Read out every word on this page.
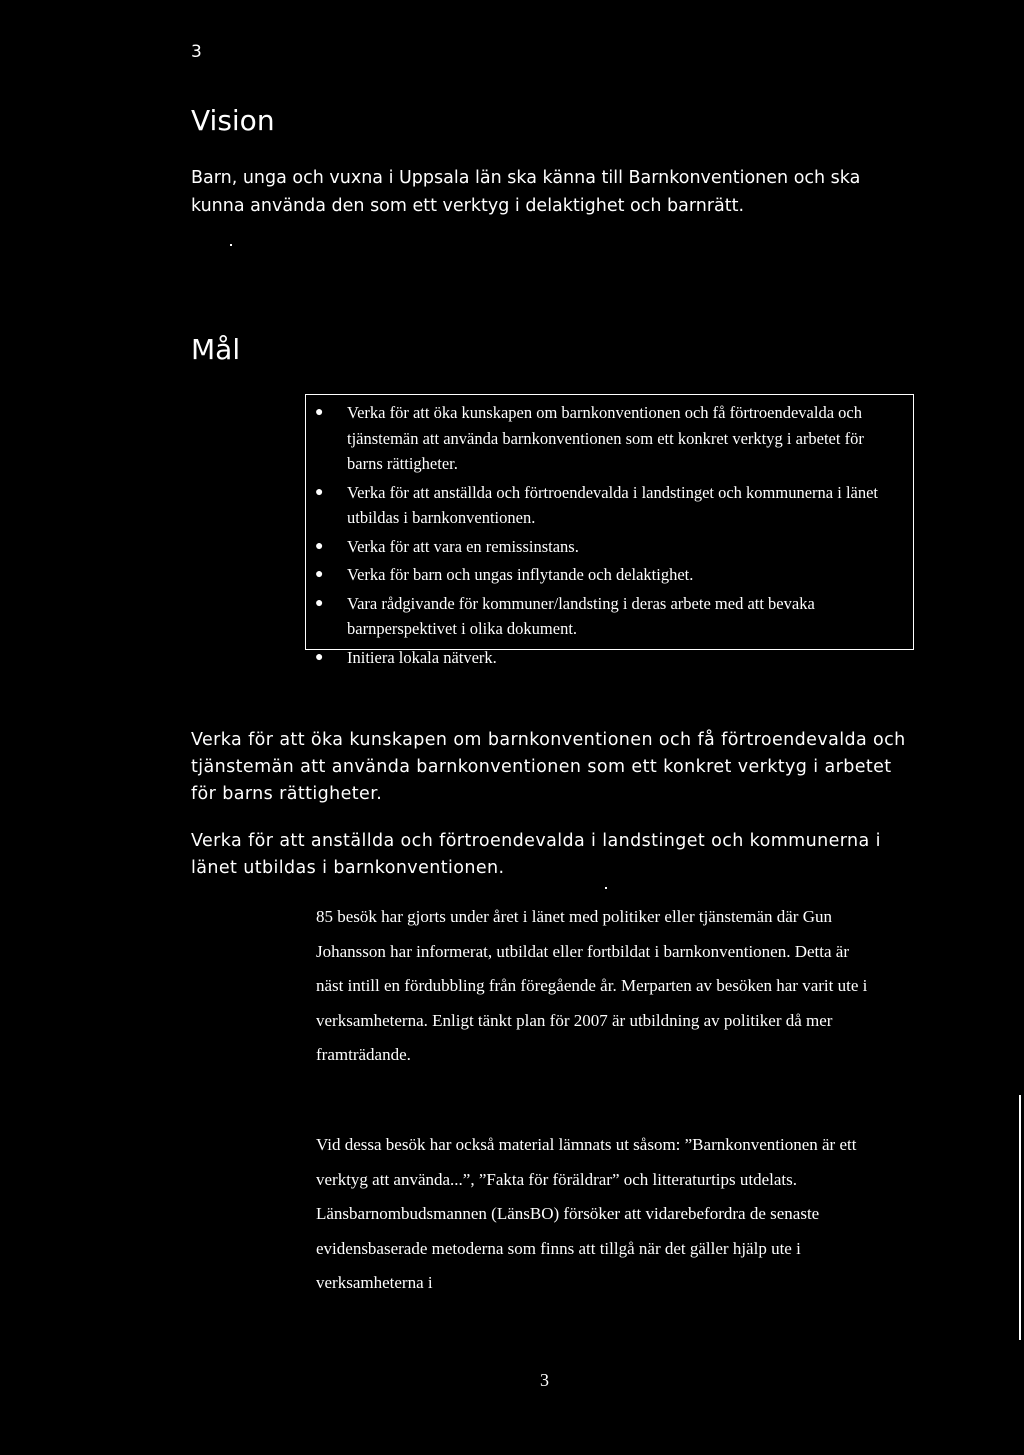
3
Vision
Barn, unga och vuxna i Uppsala län ska känna till Barnkonventionen och ska kunna använda den som ett verktyg i delaktighet och barnrätt.
Mål
● Verka för att öka kunskapen om barnkonventionen och få förtroendevalda och tjänstemän att använda barnkonventionen som ett konkret verktyg i arbetet för barns rättigheter.
● Verka för att anställda och förtroendevalda i landstinget och kommunerna i länet utbildas i barnkonventionen.
● Verka för att vara en remissinstans.
● Verka för barn och ungas inflytande och delaktighet.
● Vara rådgivande för kommuner/landsting i deras arbete med att bevaka barnperspektivet i olika dokument.
● Initiera lokala nätverk.
Verka för att öka kunskapen om barnkonventionen och få förtroendevalda och tjänstemän att använda barnkonventionen som ett konkret verktyg i arbetet för barns rättigheter.
Verka för att anställda och förtroendevalda i landstinget och kommunerna i länet utbildas i barnkonventionen.
85 besök har gjorts under året i länet med politiker eller tjänstemän där Gun Johansson har informerat, utbildat eller fortbildat i barnkonventionen. Detta är näst intill en fördubbling från föregående år. Merparten av besöken har varit ute i verksamheterna. Enligt tänkt plan för 2007 är utbildning av politiker då mer framträdande.
Vid dessa besök har också material lämnats ut såsom: ”Barnkonventionen är ett verktyg att använda...”, ”Fakta för föräldrar” och litteraturtips utdelats. Länsbarnombudsmannen (LänsBO) försöker att vidarebefordra de senaste evidensbaserade metoderna som finns att tillgå när det gäller hjälp ute i verksamheterna i
3
